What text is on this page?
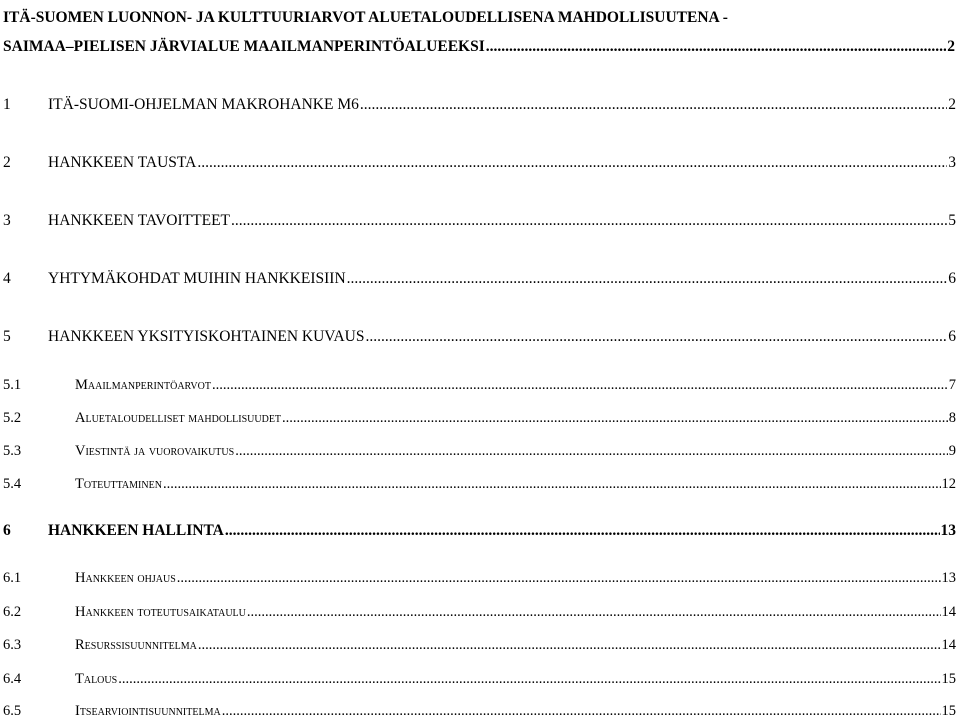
ITÄ-SUOMEN LUONNON- JA KULTTUURIARVOT ALUETALOUDELLISENA MAHDOLLISUUTENA -
SAIMAA–PIELISEN JÄRVIALUE MAAILMANPERINTÖALUEEKSI .....	2
1	ITÄ-SUOMI-OHJELMAN MAKROHANKE M6 .....	2
2	HANKKEEN TAUSTA .....	3
3	HANKKEEN TAVOITTEET .....	5
4	YHTYMÄKOHDAT MUIHIN HANKKEISIIN .....	6
5	HANKKEEN YKSITYISKOHTAINEN KUVAUS .....	6
5.1	Maailmanperintöarvot .....	7
5.2	Aluetaloudelliset mahdollisuudet .....	8
5.3	Viestintä ja vuorovaikutus .....	9
5.4	Toteuttaminen .....	12
6	HANKKEEN HALLINTA .....	13
6.1	Hankkeen ohjaus .....	13
6.2	Hankkeen toteutusaikataulu .....	14
6.3	Resurssisuunnitelma .....	14
6.4	Talous .....	15
6.5	Itsearviointisuunnitelma .....	15
